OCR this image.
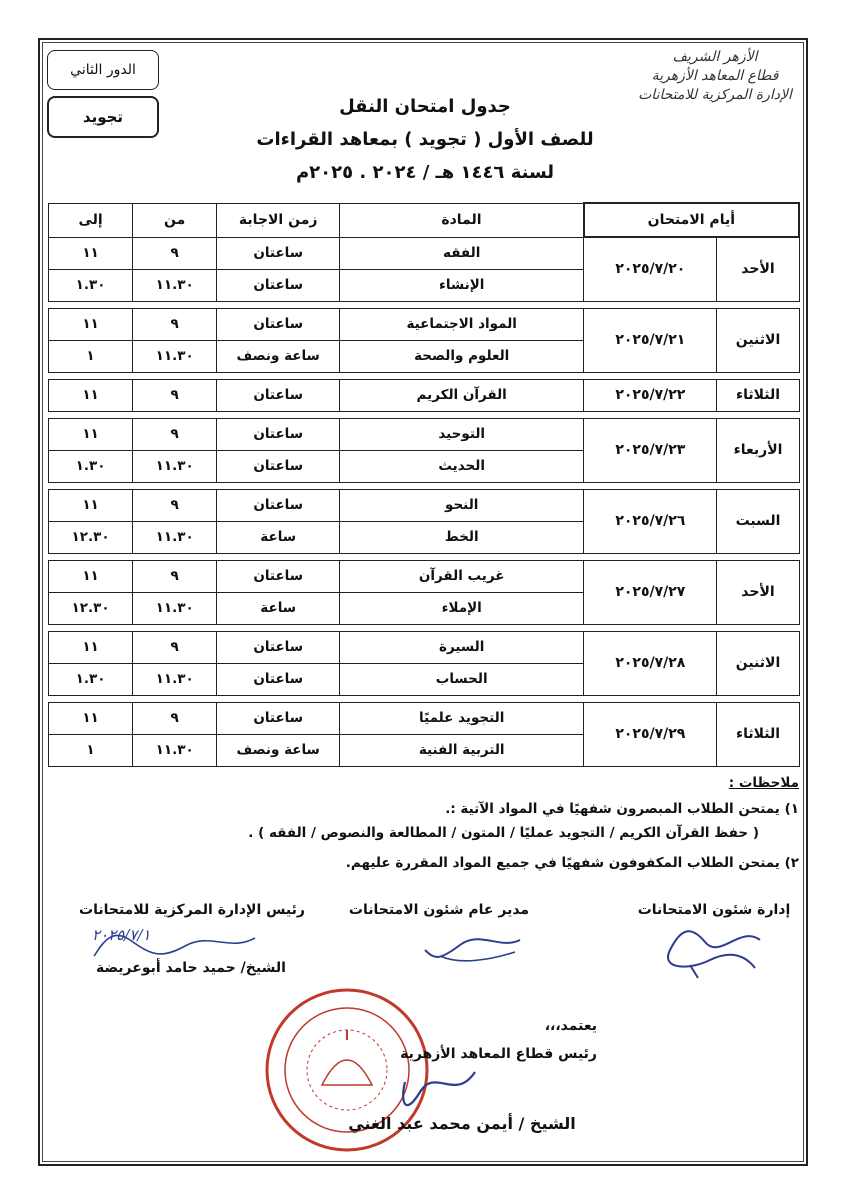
الأزهر الشريف
قطاع المعاهد الأزهرية
الإدارة المركزية للامتحانات
الدور الثاني
تجويد	جدول امتحان النقل
للصف الأول ( تجويد ) بمعاهد القراءات
لسنة ١٤٤٦ هـ / ٢٠٢٤ . ٢٠٢٥م
أيام الامتحان		المادة	زمن الاجابة	من	إلى
الأحد	٢٠٢٥/٧/٢٠	الفقه	ساعتان	٩	١١
		الإنشاء	ساعتان	١١.٣٠	١.٣٠

الاثنين	٢٠٢٥/٧/٢١	المواد الاجتماعية	ساعتان	٩	١١
		العلوم والصحة	ساعة ونصف	١١.٣٠	١

الثلاثاء	٢٠٢٥/٧/٢٢	القرآن الكريم	ساعتان	٩	١١

الأربعاء	٢٠٢٥/٧/٢٣	التوحيد	ساعتان	٩	١١
		الحديث	ساعتان	١١.٣٠	١.٣٠

السبت	٢٠٢٥/٧/٢٦	النحو	ساعتان	٩	١١
		الخط	ساعة	١١.٣٠	١٢.٣٠

الأحد	٢٠٢٥/٧/٢٧	غريب القرآن	ساعتان	٩	١١
		الإملاء	ساعة	١١.٣٠	١٢.٣٠

الاثنين	٢٠٢٥/٧/٢٨	السيرة	ساعتان	٩	١١
		الحساب	ساعتان	١١.٣٠	١.٣٠

الثلاثاء	٢٠٢٥/٧/٢٩	التجويد علميًا	ساعتان	٩	١١
		التربية الفنية	ساعة ونصف	١١.٣٠	١
ملاحظات :
١) يمتحن الطلاب المبصرون شفهيًا في المواد الآتية :.
( حفظ القرآن الكريم / التجويد عمليًا / المتون / المطالعة والنصوص / الفقه ) .
٢) يمتحن الطلاب المكفوفون شفهيًا في جميع المواد المقررة عليهم.
إدارة شئون الامتحانات
مدير عام شئون الامتحانات
رئيس الإدارة المركزية للامتحانات
٢٠٢٥/٧/١
الشيخ/ حميد حامد أبوعريضة
يعتمد،،،
رئيس قطاع المعاهد الأزهرية
الشيخ / أيمن محمد عبد الغني
